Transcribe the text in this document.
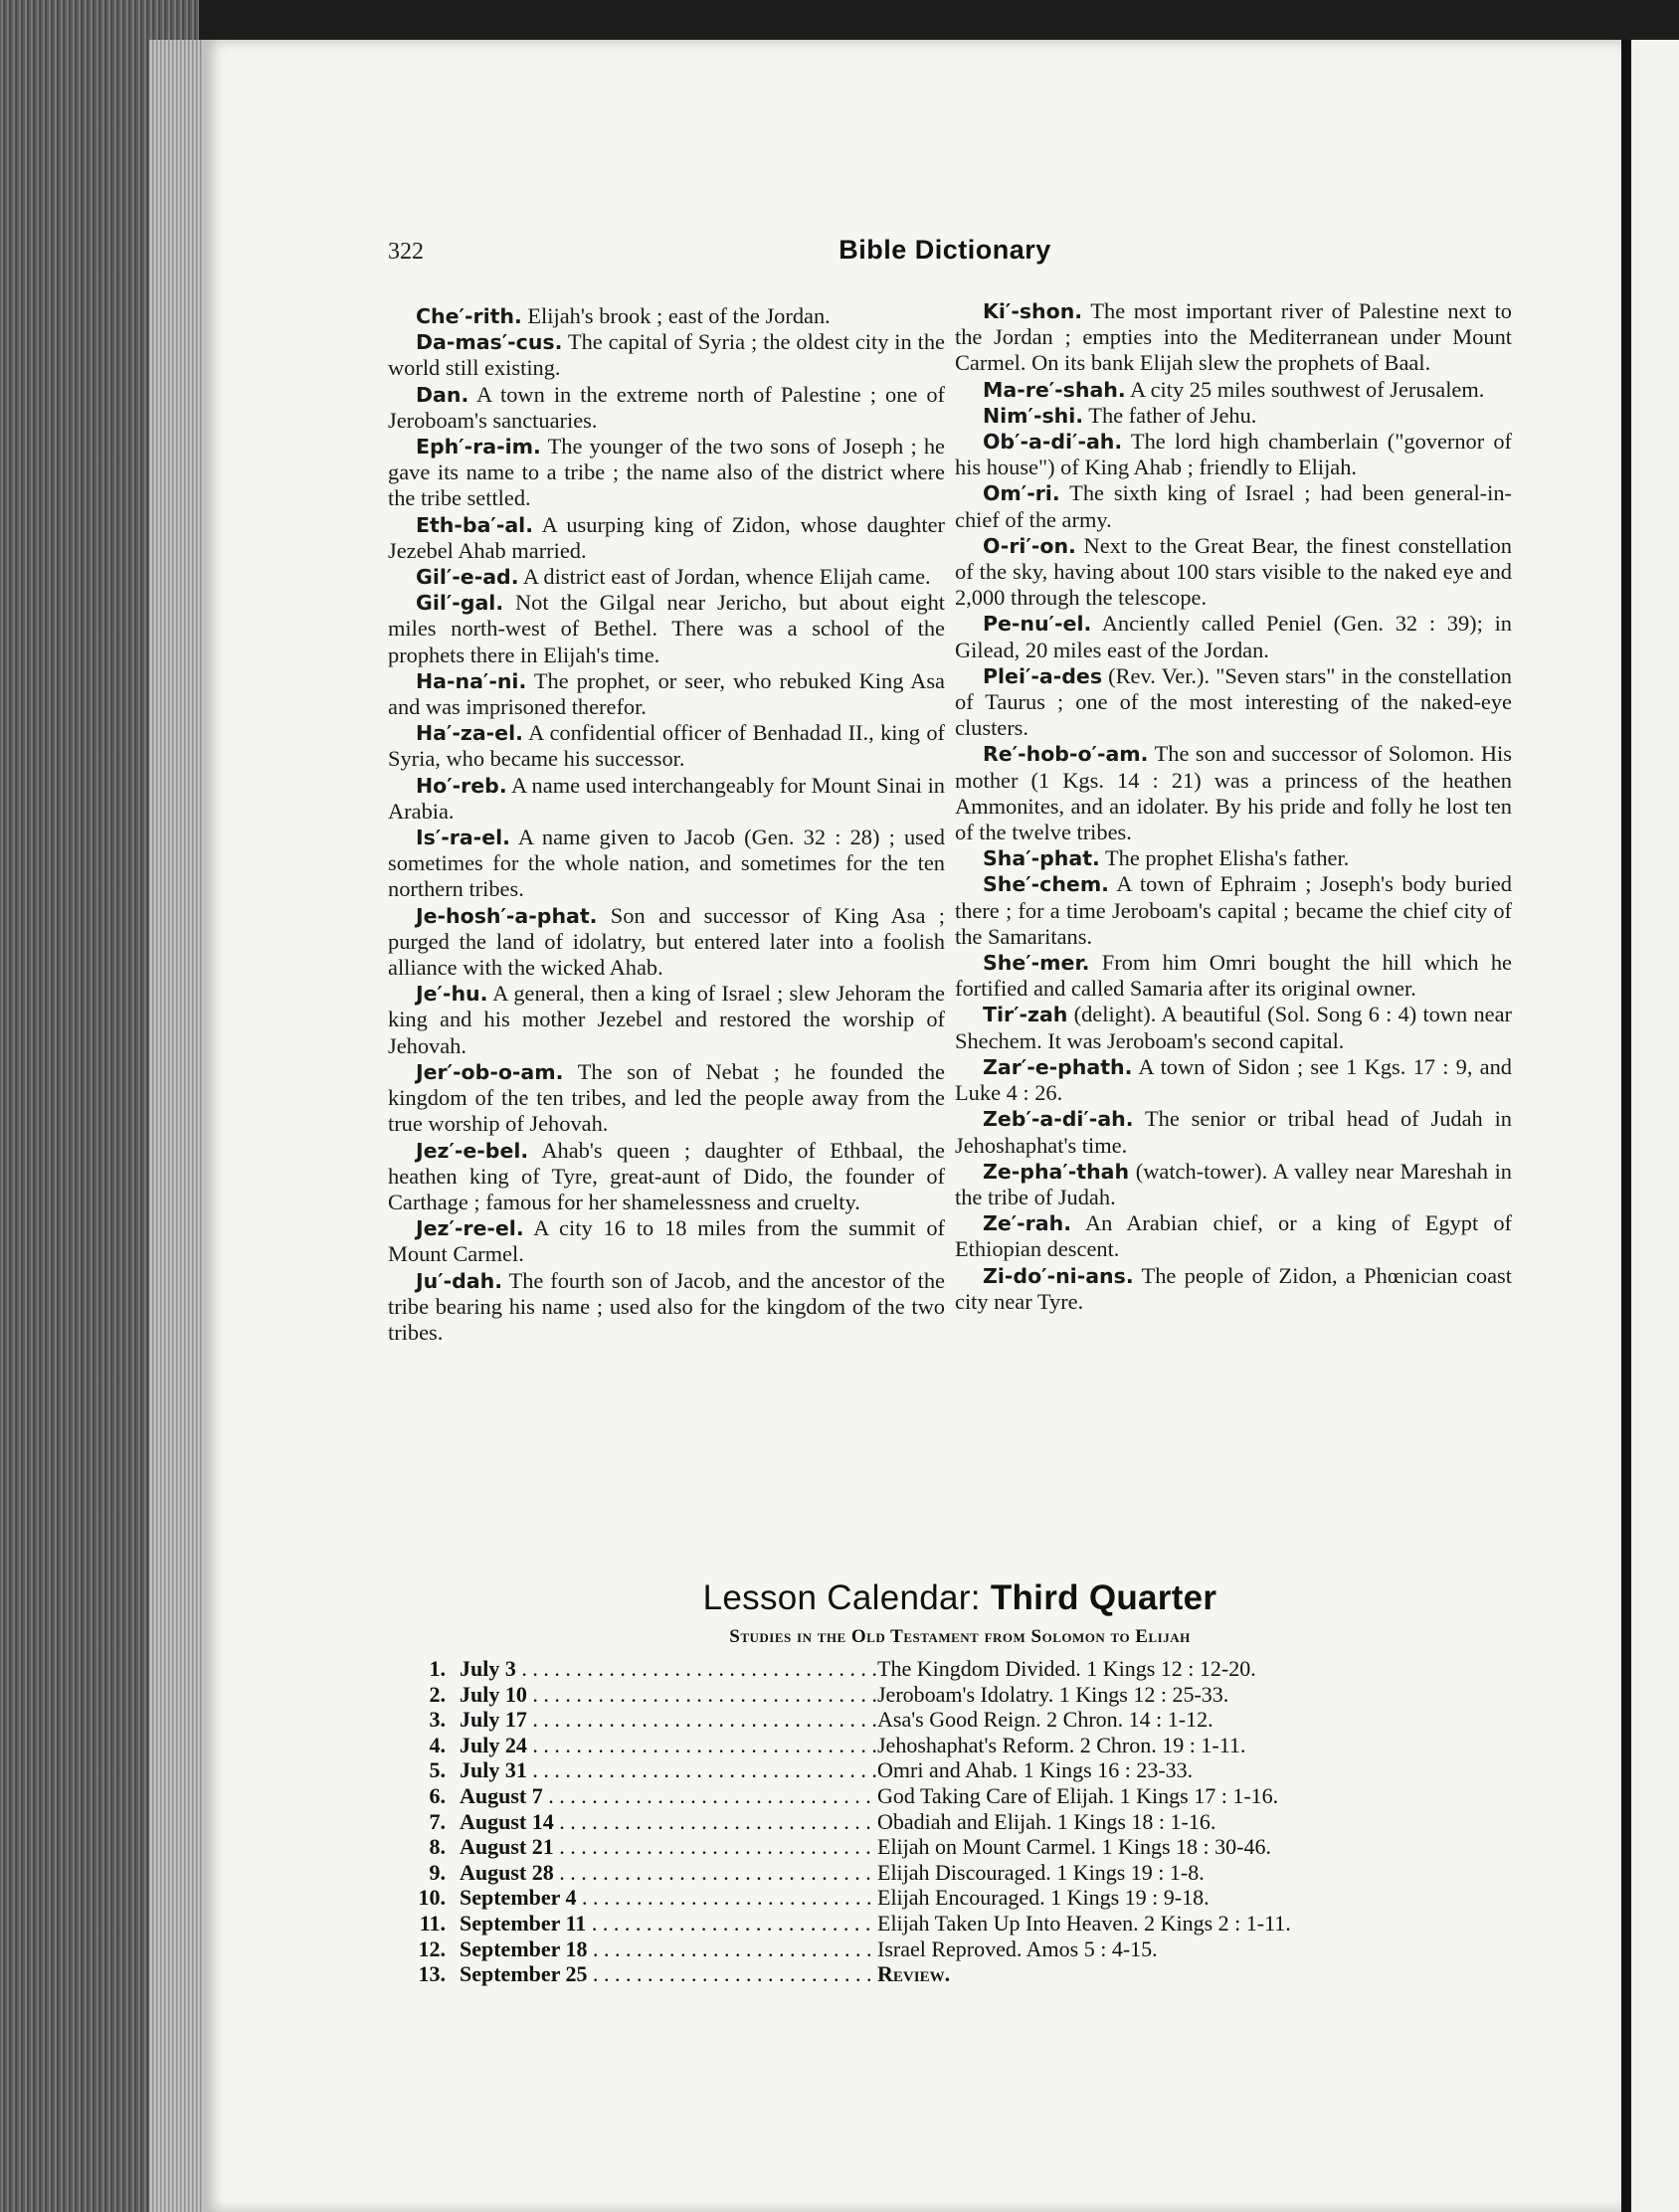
322	Bible Dictionary

Che′-rith. Elijah's brook ; east of the Jordan.

Da-mas′-cus. The capital of Syria ; the oldest city in the world still existing.

Dan. A town in the extreme north of Palestine ; one of Jeroboam's sanctuaries.

Eph′-ra-im. The younger of the two sons of Joseph ; he gave its name to a tribe ; the name also of the district where the tribe settled.

Eth-ba′-al. A usurping king of Zidon, whose daughter Jezebel Ahab married.

Gil′-e-ad. A district east of Jordan, whence Elijah came.

Gil′-gal. Not the Gilgal near Jericho, but about eight miles north-west of Bethel. There was a school of the prophets there in Elijah's time.

Ha-na′-ni. The prophet, or seer, who rebuked King Asa and was imprisoned therefor.

Ha′-za-el. A confidential officer of Benhadad II., king of Syria, who became his successor.

Ho′-reb. A name used interchangeably for Mount Sinai in Arabia.

Is′-ra-el. A name given to Jacob (Gen. 32 : 28) ; used sometimes for the whole nation, and sometimes for the ten northern tribes.

Je-hosh′-a-phat. Son and successor of King Asa ; purged the land of idolatry, but entered later into a foolish alliance with the wicked Ahab.

Je′-hu. A general, then a king of Israel ; slew Jehoram the king and his mother Jezebel and restored the worship of Jehovah.

Jer′-ob-o-am. The son of Nebat ; he founded the kingdom of the ten tribes, and led the people away from the true worship of Jehovah.

Jez′-e-bel. Ahab's queen ; daughter of Ethbaal, the heathen king of Tyre, great-aunt of Dido, the founder of Carthage ; famous for her shamelessness and cruelty.

Jez′-re-el. A city 16 to 18 miles from the summit of Mount Carmel.

Ju′-dah. The fourth son of Jacob, and the ancestor of the tribe bearing his name ; used also for the kingdom of the two tribes.

Ki′-shon. The most important river of Palestine next to the Jordan ; empties into the Mediterranean under Mount Carmel. On its bank Elijah slew the prophets of Baal.

Ma-re′-shah. A city 25 miles southwest of Jerusalem.

Nim′-shi. The father of Jehu.

Ob′-a-di′-ah. The lord high chamberlain ("governor of his house") of King Ahab ; friendly to Elijah.

Om′-ri. The sixth king of Israel ; had been general-in-chief of the army.

O-ri′-on. Next to the Great Bear, the finest constellation of the sky, having about 100 stars visible to the naked eye and 2,000 through the telescope.

Pe-nu′-el. Anciently called Peniel (Gen. 32 : 39); in Gilead, 20 miles east of the Jordan.

Plei′-a-des (Rev. Ver.). "Seven stars" in the constellation of Taurus ; one of the most interesting of the naked-eye clusters.

Re′-hob-o′-am. The son and successor of Solomon. His mother (1 Kgs. 14 : 21) was a princess of the heathen Ammonites, and an idolater. By his pride and folly he lost ten of the twelve tribes.

Sha′-phat. The prophet Elisha's father.

She′-chem. A town of Ephraim ; Joseph's body buried there ; for a time Jeroboam's capital ; became the chief city of the Samaritans.

She′-mer. From him Omri bought the hill which he fortified and called Samaria after its original owner.

Tir′-zah (delight). A beautiful (Sol. Song 6 : 4) town near Shechem. It was Jeroboam's second capital.

Zar′-e-phath. A town of Sidon ; see 1 Kgs. 17 : 9, and Luke 4 : 26.

Zeb′-a-di′-ah. The senior or tribal head of Judah in Jehoshaphat's time.

Ze-pha′-thah (watch-tower). A valley near Mareshah in the tribe of Judah.

Ze′-rah. An Arabian chief, or a king of Egypt of Ethiopian descent.

Zi-do′-ni-ans. The people of Zidon, a Phœnician coast city near Tyre.

Lesson Calendar: Third Quarter
Studies in the Old Testament from Solomon to Elijah
1. July 3 . . .	The Kingdom Divided. 1 Kings 12 : 12-20.
2. July 10 . . .	Jeroboam's Idolatry. 1 Kings 12 : 25-33.
3. July 17 . . .	Asa's Good Reign. 2 Chron. 14 : 1-12.
4. July 24 . . .	Jehoshaphat's Reform. 2 Chron. 19 : 1-11.
5. July 31 . . .	Omri and Ahab. 1 Kings 16 : 23-33.
6. August 7 . . .	God Taking Care of Elijah. 1 Kings 17 : 1-16.
7. August 14 . . .	Obadiah and Elijah. 1 Kings 18 : 1-16.
8. August 21 . . .	Elijah on Mount Carmel. 1 Kings 18 : 30-46.
9. August 28 . . .	Elijah Discouraged. 1 Kings 19 : 1-8.
10. September 4 . . .	Elijah Encouraged. 1 Kings 19 : 9-18.
11. September 11 . . .	Elijah Taken Up Into Heaven. 2 Kings 2 : 1-11.
12. September 18 . . .	Israel Reproved. Amos 5 : 4-15.
13. September 25 . . .	Review.
